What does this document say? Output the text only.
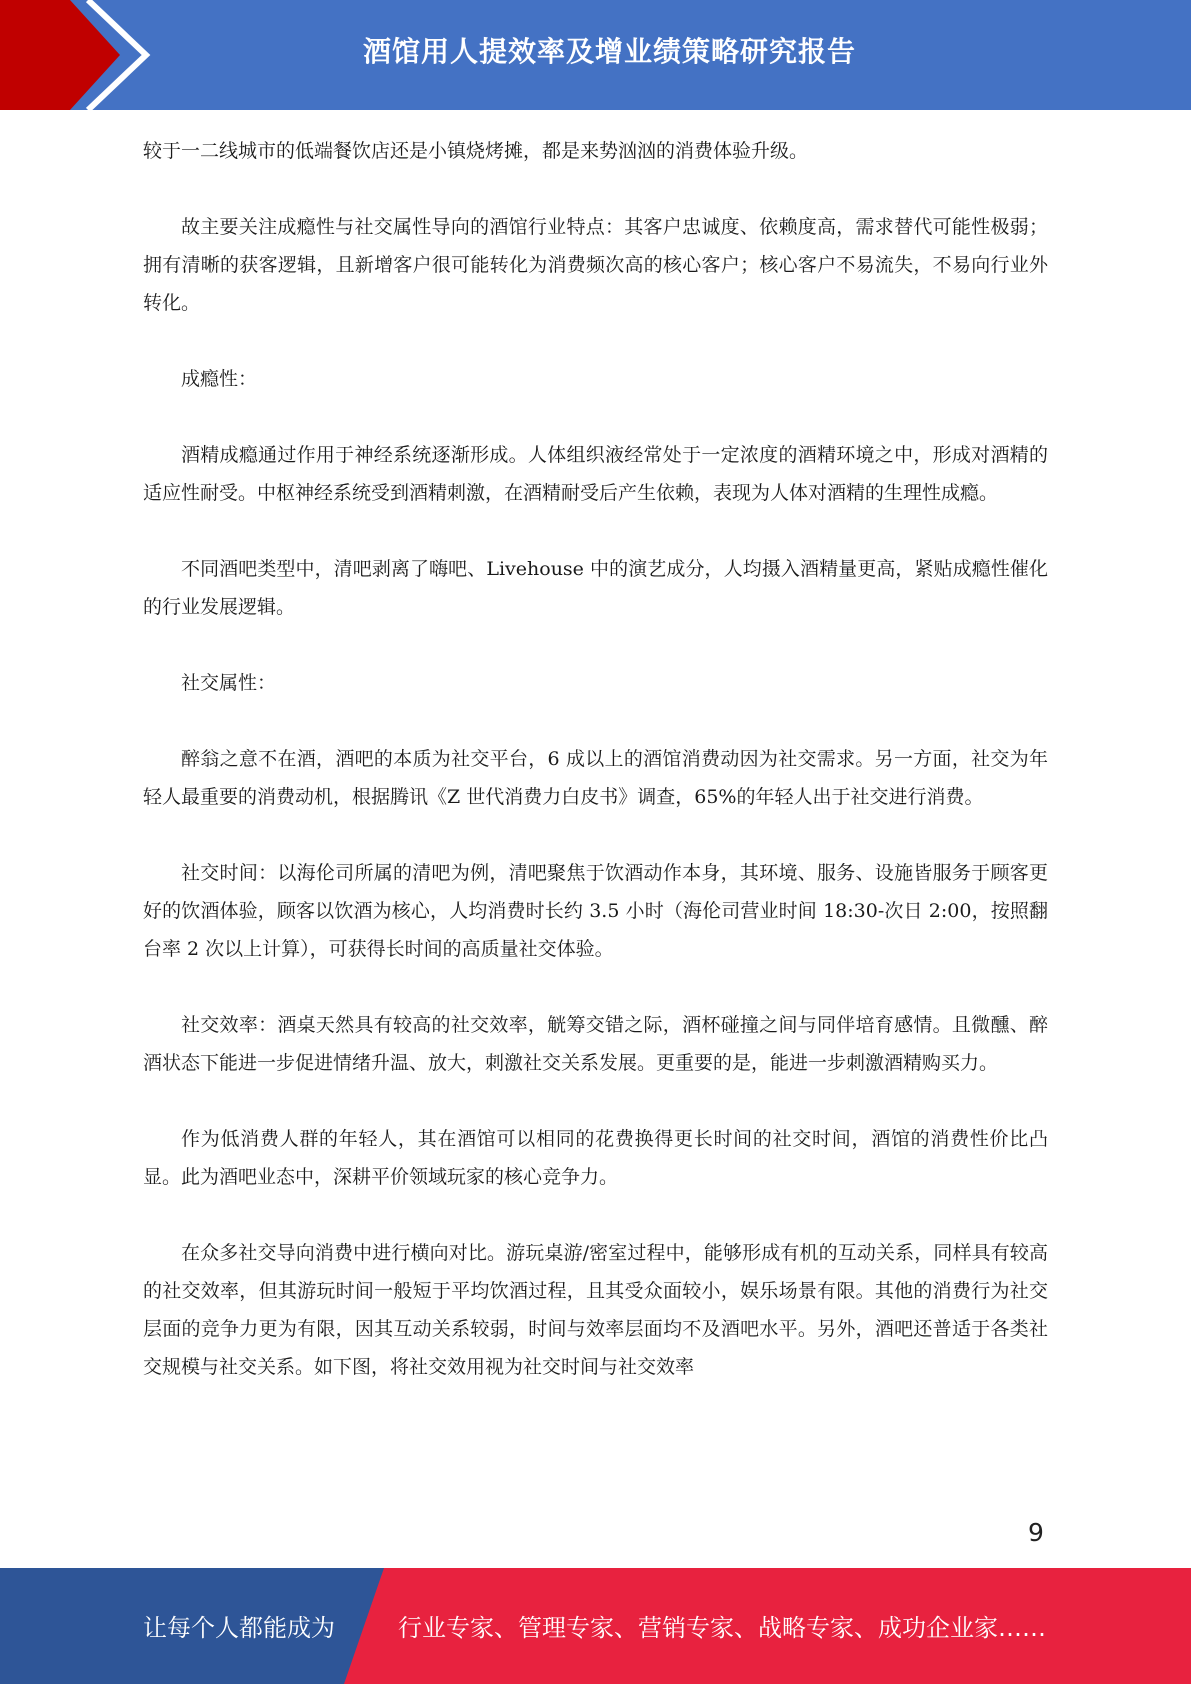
酒馆用人提效率及增业绩策略研究报告

较于一二线城市的低端餐饮店还是小镇烧烤摊，都是来势汹汹的消费体验升级。

故主要关注成瘾性与社交属性导向的酒馆行业特点：其客户忠诚度、依赖度高，需求替代可能性极弱；拥有清晰的获客逻辑，且新增客户很可能转化为消费频次高的核心客户；核心客户不易流失，不易向行业外转化。

成瘾性：

酒精成瘾通过作用于神经系统逐渐形成。人体组织液经常处于一定浓度的酒精环境之中，形成对酒精的适应性耐受。中枢神经系统受到酒精刺激，在酒精耐受后产生依赖，表现为人体对酒精的生理性成瘾。

不同酒吧类型中，清吧剥离了嗨吧、Livehouse 中的演艺成分，人均摄入酒精量更高，紧贴成瘾性催化的行业发展逻辑。

社交属性：

醉翁之意不在酒，酒吧的本质为社交平台，6 成以上的酒馆消费动因为社交需求。另一方面，社交为年轻人最重要的消费动机，根据腾讯《Z 世代消费力白皮书》调查，65%的年轻人出于社交进行消费。

社交时间：以海伦司所属的清吧为例，清吧聚焦于饮酒动作本身，其环境、服务、设施皆服务于顾客更好的饮酒体验，顾客以饮酒为核心，人均消费时长约 3.5 小时（海伦司营业时间 18:30-次日 2:00，按照翻台率 2 次以上计算），可获得长时间的高质量社交体验。

社交效率：酒桌天然具有较高的社交效率，觥筹交错之际，酒杯碰撞之间与同伴培育感情。且微醺、醉酒状态下能进一步促进情绪升温、放大，刺激社交关系发展。更重要的是，能进一步刺激酒精购买力。

作为低消费人群的年轻人，其在酒馆可以相同的花费换得更长时间的社交时间，酒馆的消费性价比凸显。此为酒吧业态中，深耕平价领域玩家的核心竞争力。

在众多社交导向消费中进行横向对比。游玩桌游/密室过程中，能够形成有机的互动关系，同样具有较高的社交效率，但其游玩时间一般短于平均饮酒过程，且其受众面较小，娱乐场景有限。其他的消费行为社交层面的竞争力更为有限，因其互动关系较弱，时间与效率层面均不及酒吧水平。另外，酒吧还普适于各类社交规模与社交关系。如下图，将社交效用视为社交时间与社交效率

9
让每个人都能成为	行业专家、管理专家、营销专家、战略专家、成功企业家……
